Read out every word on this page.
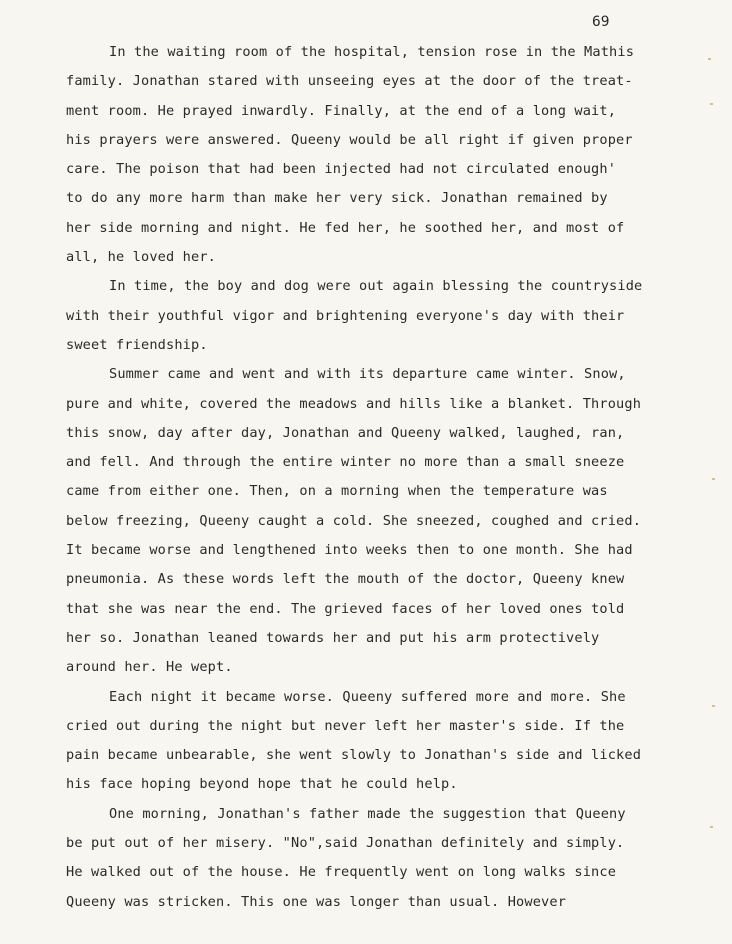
69
In the waiting room of the hospital, tension rose in the Mathis
family. Jonathan stared with unseeing eyes at the door of the treat-
ment room. He prayed inwardly. Finally, at the end of a long wait,
his prayers were answered. Queeny would be all right if given proper
care. The poison that had been injected had not circulated enough'
to do any more harm than make her very sick. Jonathan remained by
her side morning and night. He fed her, he soothed her, and most of
all, he loved her.
In time, the boy and dog were out again blessing the countryside
with their youthful vigor and brightening everyone's day with their
sweet friendship.
Summer came and went and with its departure came winter. Snow,
pure and white, covered the meadows and hills like a blanket. Through
this snow, day after day, Jonathan and Queeny walked, laughed, ran,
and fell. And through the entire winter no more than a small sneeze
came from either one. Then, on a morning when the temperature was
below freezing, Queeny caught a cold. She sneezed, coughed and cried.
It became worse and lengthened into weeks then to one month. She had
pneumonia. As these words left the mouth of the doctor, Queeny knew
that she was near the end. The grieved faces of her loved ones told
her so. Jonathan leaned towards her and put his arm protectively
around her. He wept.
Each night it became worse. Queeny suffered more and more. She
cried out during the night but never left her master's side. If the
pain became unbearable, she went slowly to Jonathan's side and licked
his face hoping beyond hope that he could help.
One morning, Jonathan's father made the suggestion that Queeny
be put out of her misery. "No",said Jonathan definitely and simply.
He walked out of the house. He frequently went on long walks since
Queeny was stricken. This one was longer than usual. However
